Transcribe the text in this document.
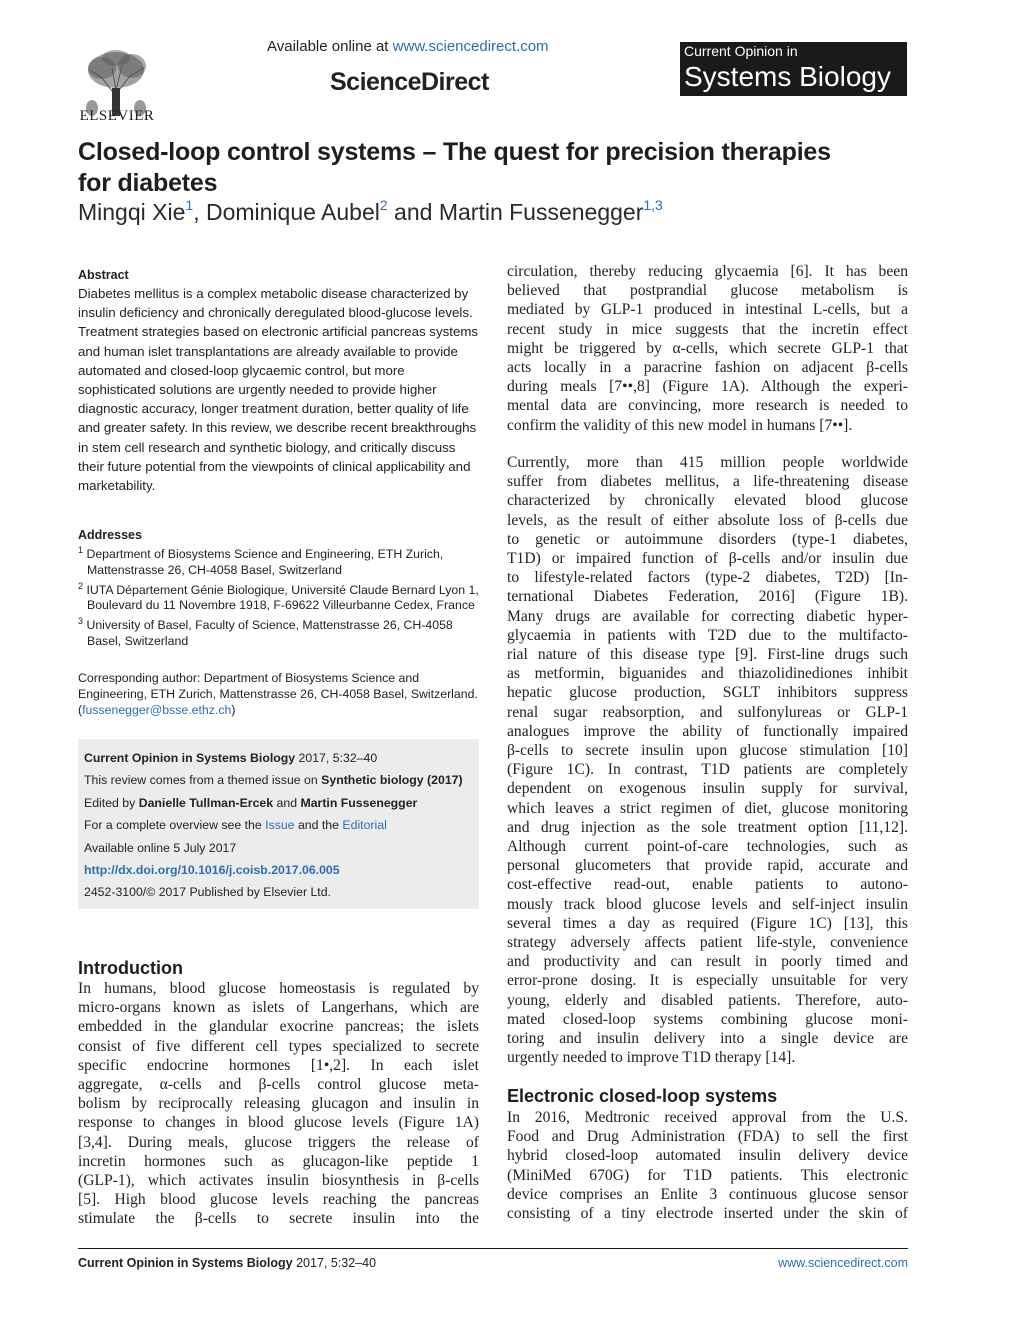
ELSEVIER
Available online at www.sciencedirect.com
ScienceDirect
Current Opinion in
Systems Biology
Closed-loop control systems – The quest for precision therapies for diabetes
Mingqi Xie$^1$, Dominique Aubel$^2$ and Martin Fussenegger$^{1,3}$
Abstract
Diabetes mellitus is a complex metabolic disease characterized by insulin deficiency and chronically deregulated blood-glucose levels. Treatment strategies based on electronic artificial pancreas systems and human islet transplantations are already available to provide automated and closed-loop glycaemic control, but more sophisticated solutions are urgently needed to provide higher diagnostic accuracy, longer treatment duration, better quality of life and greater safety. In this review, we describe recent breakthroughs in stem cell research and synthetic biology, and critically discuss their future potential from the viewpoints of clinical applicability and marketability.
Addresses
$^1$ Department of Biosystems Science and Engineering, ETH Zurich, Mattenstrasse 26, CH-4058 Basel, Switzerland
$^2$ IUTA Département Génie Biologique, Université Claude Bernard Lyon 1, Boulevard du 11 Novembre 1918, F-69622 Villeurbanne Cedex, France
$^3$ University of Basel, Faculty of Science, Mattenstrasse 26, CH-4058 Basel, Switzerland
Corresponding author: Department of Biosystems Science and Engineering, ETH Zurich, Mattenstrasse 26, CH-4058 Basel, Switzerland. (fussenegger@bsse.ethz.ch)
Current Opinion in Systems Biology 2017, 5:32–40
This review comes from a themed issue on Synthetic biology (2017)
Edited by Danielle Tullman-Ercek and Martin Fussenegger
For a complete overview see the Issue and the Editorial
Available online 5 July 2017
http://dx.doi.org/10.1016/j.coisb.2017.06.005
2452-3100/© 2017 Published by Elsevier Ltd.
Introduction
In humans, blood glucose homeostasis is regulated by
micro-organs known as islets of Langerhans, which are
embedded in the glandular exocrine pancreas; the islets
consist of five different cell types specialized to secrete
specific endocrine hormones [1•,2]. In each islet
aggregate, α-cells and β-cells control glucose meta-
bolism by reciprocally releasing glucagon and insulin in
response to changes in blood glucose levels (Figure 1A)
[3,4]. During meals, glucose triggers the release of
incretin hormones such as glucagon-like peptide 1
(GLP-1), which activates insulin biosynthesis in β-cells
[5]. High blood glucose levels reaching the pancreas
stimulate the β-cells to secrete insulin into the
circulation, thereby reducing glycaemia [6]. It has been
believed that postprandial glucose metabolism is
mediated by GLP-1 produced in intestinal L-cells, but a
recent study in mice suggests that the incretin effect
might be triggered by α-cells, which secrete GLP-1 that
acts locally in a paracrine fashion on adjacent β-cells
during meals [7••,8] (Figure 1A). Although the experi-
mental data are convincing, more research is needed to
confirm the validity of this new model in humans [7••].
Currently, more than 415 million people worldwide
suffer from diabetes mellitus, a life-threatening disease
characterized by chronically elevated blood glucose
levels, as the result of either absolute loss of β-cells due
to genetic or autoimmune disorders (type-1 diabetes,
T1D) or impaired function of β-cells and/or insulin due
to lifestyle-related factors (type-2 diabetes, T2D) [In-
ternational Diabetes Federation, 2016] (Figure 1B).
Many drugs are available for correcting diabetic hyper-
glycaemia in patients with T2D due to the multifacto-
rial nature of this disease type [9]. First-line drugs such
as metformin, biguanides and thiazolidinediones inhibit
hepatic glucose production, SGLT inhibitors suppress
renal sugar reabsorption, and sulfonylureas or GLP-1
analogues improve the ability of functionally impaired
β-cells to secrete insulin upon glucose stimulation [10]
(Figure 1C). In contrast, T1D patients are completely
dependent on exogenous insulin supply for survival,
which leaves a strict regimen of diet, glucose monitoring
and drug injection as the sole treatment option [11,12].
Although current point-of-care technologies, such as
personal glucometers that provide rapid, accurate and
cost-effective read-out, enable patients to autono-
mously track blood glucose levels and self-inject insulin
several times a day as required (Figure 1C) [13], this
strategy adversely affects patient life-style, convenience
and productivity and can result in poorly timed and
error-prone dosing. It is especially unsuitable for very
young, elderly and disabled patients. Therefore, auto-
mated closed-loop systems combining glucose moni-
toring and insulin delivery into a single device are
urgently needed to improve T1D therapy [14].
Electronic closed-loop systems
In 2016, Medtronic received approval from the U.S.
Food and Drug Administration (FDA) to sell the first
hybrid closed-loop automated insulin delivery device
(MiniMed 670G) for T1D patients. This electronic
device comprises an Enlite 3 continuous glucose sensor
consisting of a tiny electrode inserted under the skin of
Current Opinion in Systems Biology 2017, 5:32–40	www.sciencedirect.com
